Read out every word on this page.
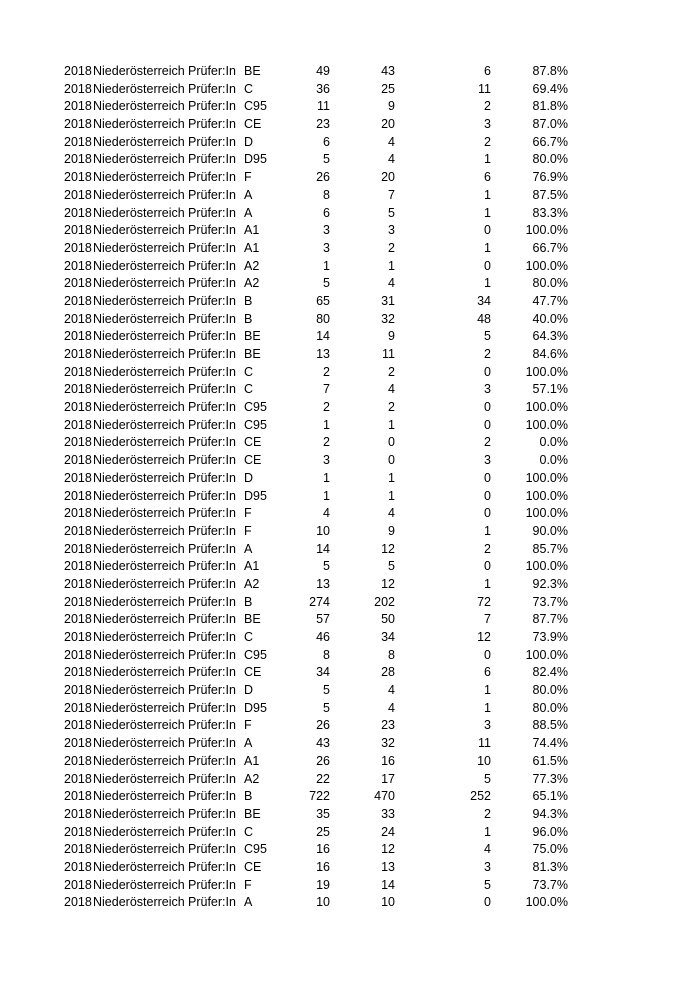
2018 Niederösterreich Prüfer:In BE	49	43	6	87.8%
2018 Niederösterreich Prüfer:In C	36	25	11	69.4%
2018 Niederösterreich Prüfer:In C95	11	9	2	81.8%
2018 Niederösterreich Prüfer:In CE	23	20	3	87.0%
2018 Niederösterreich Prüfer:In D	6	4	2	66.7%
2018 Niederösterreich Prüfer:In D95	5	4	1	80.0%
2018 Niederösterreich Prüfer:In F	26	20	6	76.9%
2018 Niederösterreich Prüfer:In A	8	7	1	87.5%
2018 Niederösterreich Prüfer:In A	6	5	1	83.3%
2018 Niederösterreich Prüfer:In A1	3	3	0	100.0%
2018 Niederösterreich Prüfer:In A1	3	2	1	66.7%
2018 Niederösterreich Prüfer:In A2	1	1	0	100.0%
2018 Niederösterreich Prüfer:In A2	5	4	1	80.0%
2018 Niederösterreich Prüfer:In B	65	31	34	47.7%
2018 Niederösterreich Prüfer:In B	80	32	48	40.0%
2018 Niederösterreich Prüfer:In BE	14	9	5	64.3%
2018 Niederösterreich Prüfer:In BE	13	11	2	84.6%
2018 Niederösterreich Prüfer:In C	2	2	0	100.0%
2018 Niederösterreich Prüfer:In C	7	4	3	57.1%
2018 Niederösterreich Prüfer:In C95	2	2	0	100.0%
2018 Niederösterreich Prüfer:In C95	1	1	0	100.0%
2018 Niederösterreich Prüfer:In CE	2	0	2	0.0%
2018 Niederösterreich Prüfer:In CE	3	0	3	0.0%
2018 Niederösterreich Prüfer:In D	1	1	0	100.0%
2018 Niederösterreich Prüfer:In D95	1	1	0	100.0%
2018 Niederösterreich Prüfer:In F	4	4	0	100.0%
2018 Niederösterreich Prüfer:In F	10	9	1	90.0%
2018 Niederösterreich Prüfer:In A	14	12	2	85.7%
2018 Niederösterreich Prüfer:In A1	5	5	0	100.0%
2018 Niederösterreich Prüfer:In A2	13	12	1	92.3%
2018 Niederösterreich Prüfer:In B	274	202	72	73.7%
2018 Niederösterreich Prüfer:In BE	57	50	7	87.7%
2018 Niederösterreich Prüfer:In C	46	34	12	73.9%
2018 Niederösterreich Prüfer:In C95	8	8	0	100.0%
2018 Niederösterreich Prüfer:In CE	34	28	6	82.4%
2018 Niederösterreich Prüfer:In D	5	4	1	80.0%
2018 Niederösterreich Prüfer:In D95	5	4	1	80.0%
2018 Niederösterreich Prüfer:In F	26	23	3	88.5%
2018 Niederösterreich Prüfer:In A	43	32	11	74.4%
2018 Niederösterreich Prüfer:In A1	26	16	10	61.5%
2018 Niederösterreich Prüfer:In A2	22	17	5	77.3%
2018 Niederösterreich Prüfer:In B	722	470	252	65.1%
2018 Niederösterreich Prüfer:In BE	35	33	2	94.3%
2018 Niederösterreich Prüfer:In C	25	24	1	96.0%
2018 Niederösterreich Prüfer:In C95	16	12	4	75.0%
2018 Niederösterreich Prüfer:In CE	16	13	3	81.3%
2018 Niederösterreich Prüfer:In F	19	14	5	73.7%
2018 Niederösterreich Prüfer:In A	10	10	0	100.0%
